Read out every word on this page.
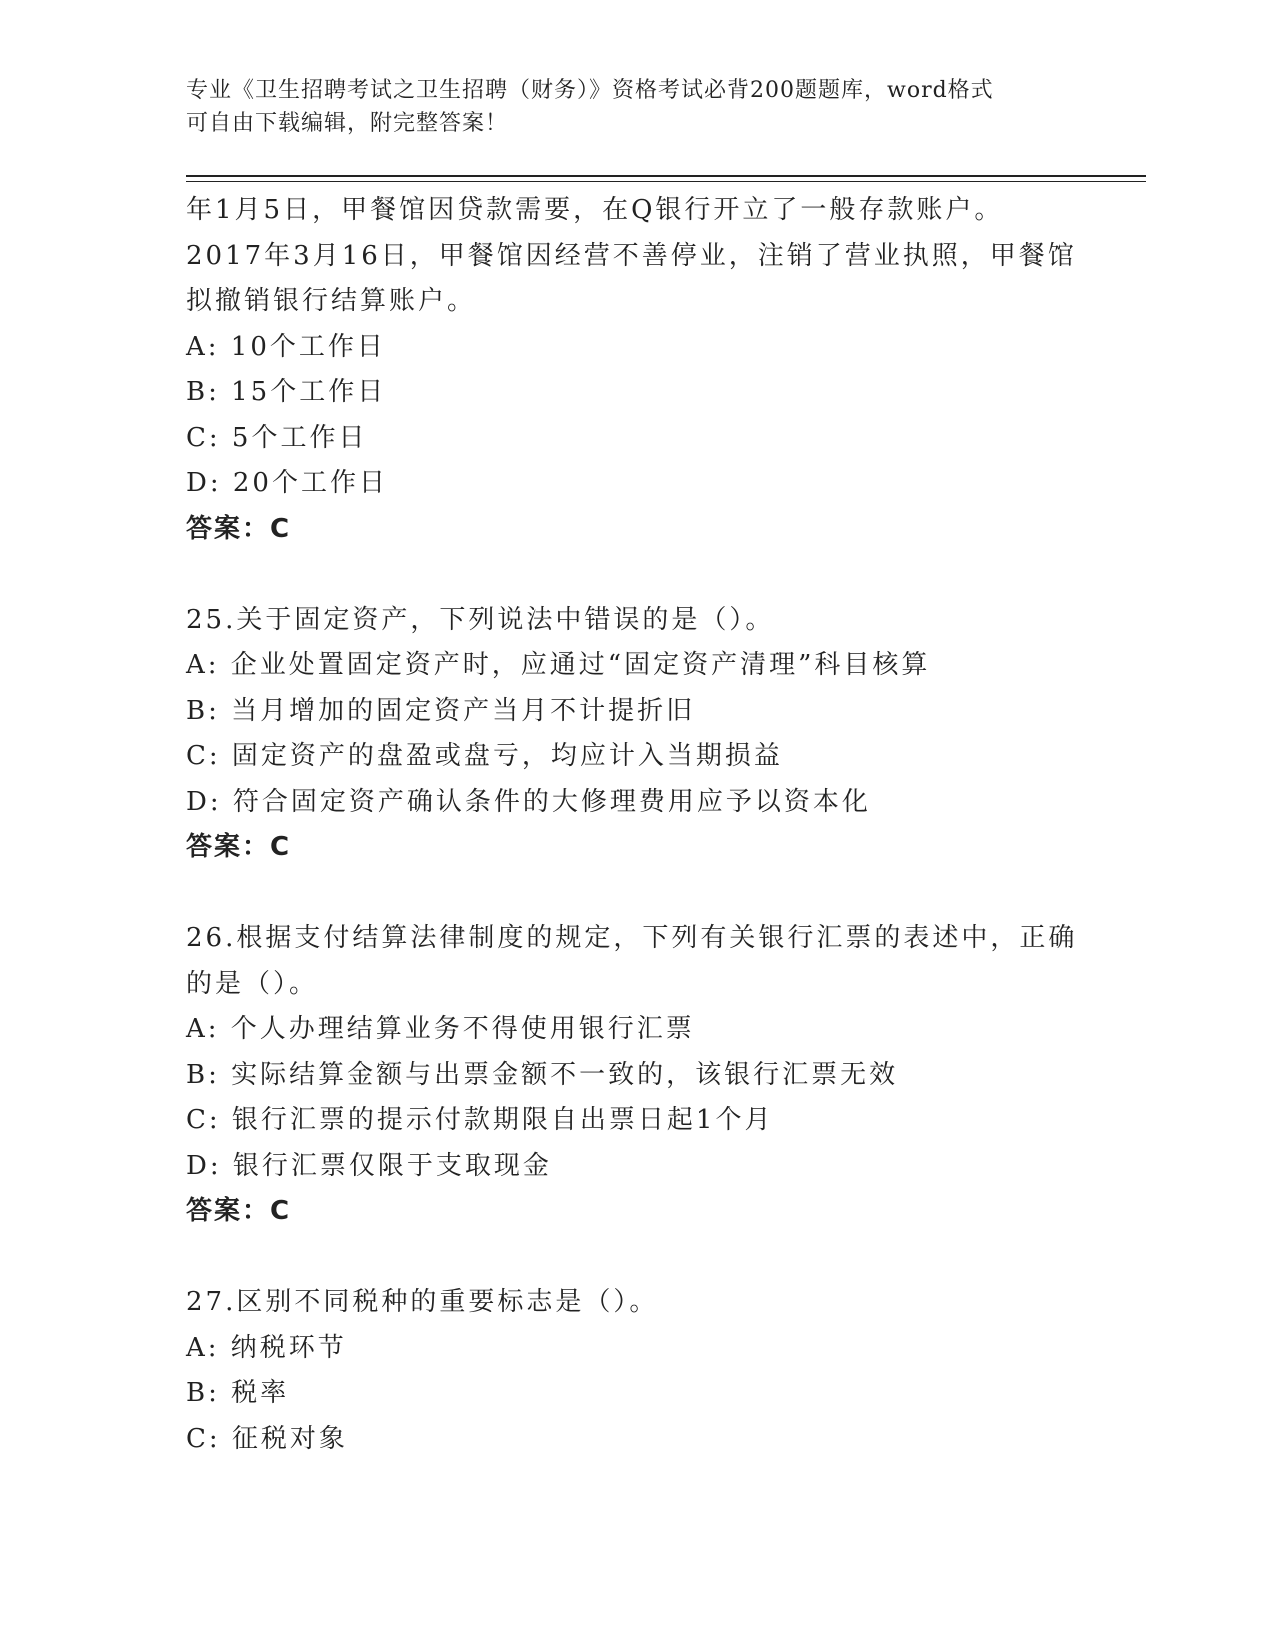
专业《卫生招聘考试之卫生招聘（财务）》资格考试必背200题题库，word格式
可自由下载编辑，附完整答案！
年1月5日，甲餐馆因贷款需要，在Q银行开立了一般存款账户。
2017年3月16日，甲餐馆因经营不善停业，注销了营业执照，甲餐馆
拟撤销银行结算账户。
A: 10个工作日
B: 15个工作日
C: 5个工作日
D: 20个工作日
答案：C
25.关于固定资产，下列说法中错误的是（）。
A: 企业处置固定资产时，应通过“固定资产清理”科目核算
B: 当月增加的固定资产当月不计提折旧
C: 固定资产的盘盈或盘亏，均应计入当期损益
D: 符合固定资产确认条件的大修理费用应予以资本化
答案：C
26.根据支付结算法律制度的规定，下列有关银行汇票的表述中，正确
的是（）。
A: 个人办理结算业务不得使用银行汇票
B: 实际结算金额与出票金额不一致的，该银行汇票无效
C: 银行汇票的提示付款期限自出票日起1个月
D: 银行汇票仅限于支取现金
答案：C
27.区别不同税种的重要标志是（）。
A: 纳税环节
B: 税率
C: 征税对象
